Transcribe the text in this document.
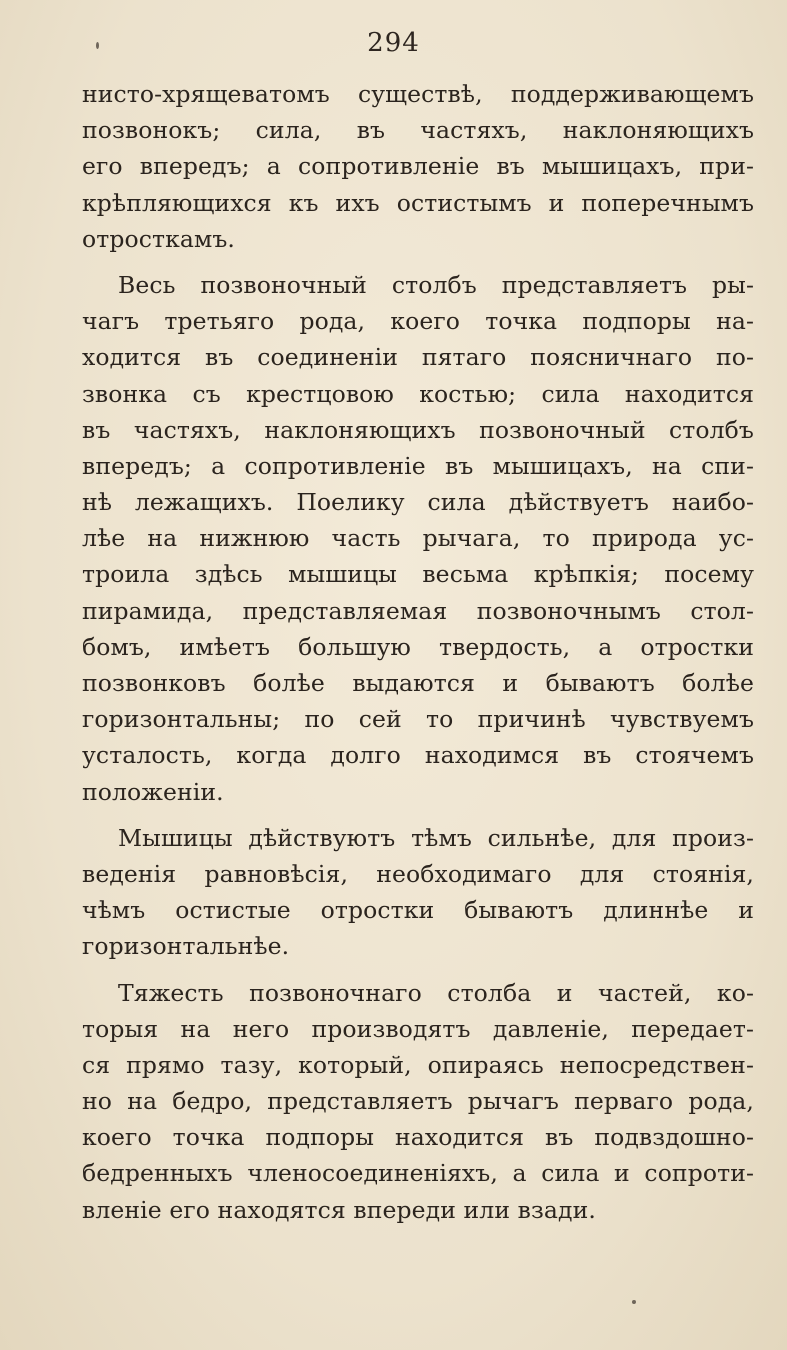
294
нисто-хрящеватомъ существѣ, поддерживающемъ
позвонокъ; сила, въ частяхъ, наклоняющихъ
его впередъ; а сопротивленіе въ мышицахъ, при-
крѣпляющихся къ ихъ остистымъ и поперечнымъ
отросткамъ.
Весь позвоночный столбъ представляетъ ры-
чагъ третьяго рода, коего точка подпоры на-
ходится въ соединеніи пятаго поясничнаго по-
звонка съ крестцовою костью; сила находится
въ частяхъ, наклоняющихъ позвоночный столбъ
впередъ; а сопротивленіе въ мышицахъ, на спи-
нѣ лежащихъ. Поелику сила дѣйствуетъ наибо-
лѣе на нижнюю часть рычага, то природа ус-
троила здѣсь мышицы весьма крѣпкія; посему
пирамида, представляемая позвоночнымъ стол-
бомъ, имѣетъ большую твердость, а отростки
позвонковъ болѣе выдаются и бываютъ болѣе
горизонтальны; по сей то причинѣ чувствуемъ
усталость, когда долго находимся въ стоячемъ
положеніи.
Мышицы дѣйствуютъ тѣмъ сильнѣе, для произ-
веденія равновѣсія, необходимаго для стоянія,
чѣмъ остистые отростки бываютъ длиннѣе и
горизонтальнѣе.
Тяжесть позвоночнаго столба и частей, ко-
торыя на него производятъ давленіе, передает-
ся прямо тазу, который, опираясь непосредствен-
но на бедро, представляетъ рычагъ перваго рода,
коего точка подпоры находится въ подвздошно-
бедренныхъ членосоединеніяхъ, а сила и сопроти-
вленіе его находятся впереди или взади.
